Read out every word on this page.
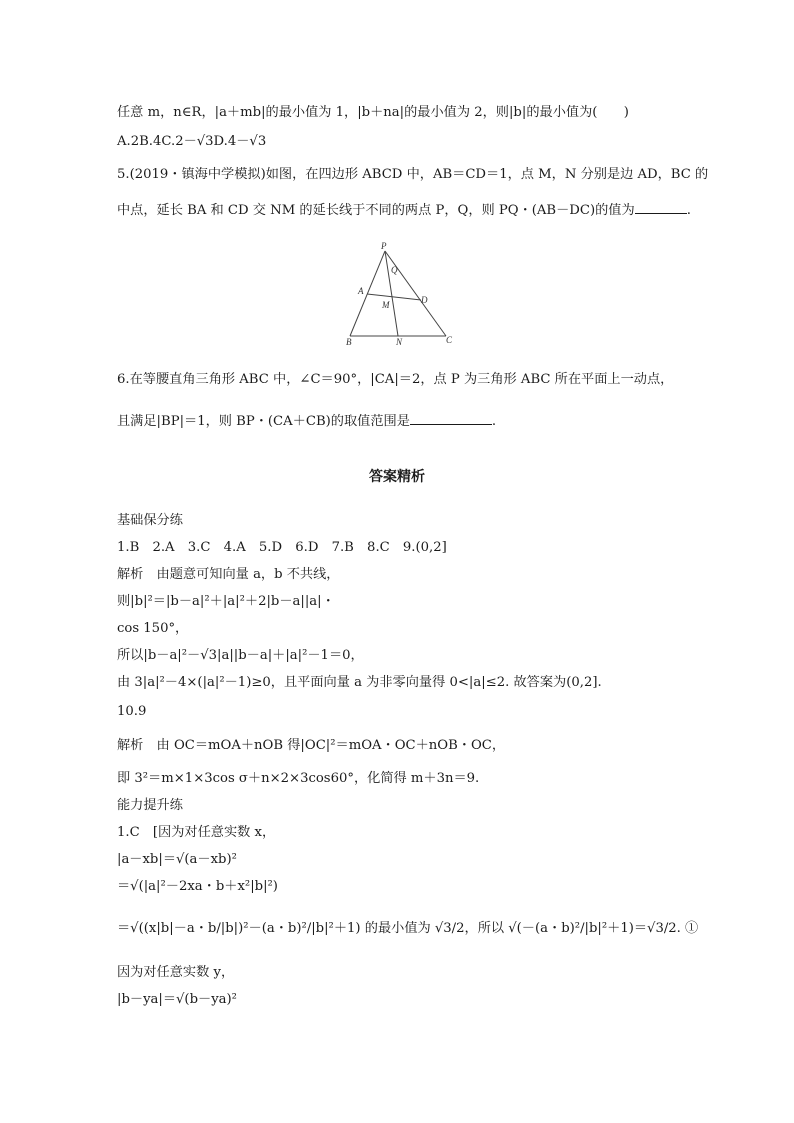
任意 m，n∈R，|a＋mb|的最小值为 1，|b＋na|的最小值为 2，则|b|的最小值为(　　)
A.2B.4C.2－√3D.4－√3
5.(2019・镇海中学模拟)如图，在四边形 ABCD 中，AB＝CD＝1，点 M，N 分别是边 AD，BC 的
中点，延长 BA 和 CD 交 NM 的延长线于不同的两点 P，Q，则 PQ・(AB－DC)的值为	.
P
Q
A
D
M
B	N	C
6.在等腰直角三角形 ABC 中，∠C＝90°，|CA|＝2，点 P 为三角形 ABC 所在平面上一动点，
且满足|BP|＝1，则 BP・(CA＋CB)的取值范围是	.
答案精析
基础保分练
1.B　2.A　3.C　4.A　5.D　6.D　7.B　8.C　9.(0,2]
解析　由题意可知向量 a，b 不共线，
则|b|²＝|b－a|²＋|a|²＋2|b－a||a|・
cos 150°，
所以|b－a|²－√3|a||b－a|＋|a|²－1＝0，
由 3|a|²－4×(|a|²－1)≥0，且平面向量 a 为非零向量得 0<|a|≤2. 故答案为(0,2].
10.9
解析　由 OC＝mOA＋nOB 得|OC|²＝mOA・OC＋nOB・OC，
即 3²＝m×1×3cos σ＋n×2×3cos60°，化简得 m＋3n＝9.
能力提升练
1.C　[因为对任意实数 x，
|a－xb|＝√(a－xb)²
＝√(|a|²－2xa・b＋x²|b|²)
＝√((x|b|－a・b/|b|)²－(a・b)²/|b|²＋1) 的最小值为 √3/2，所以 √(－(a・b)²/|b|²＋1)＝√3/2. ①
因为对任意实数 y，
|b－ya|＝√(b－ya)²
